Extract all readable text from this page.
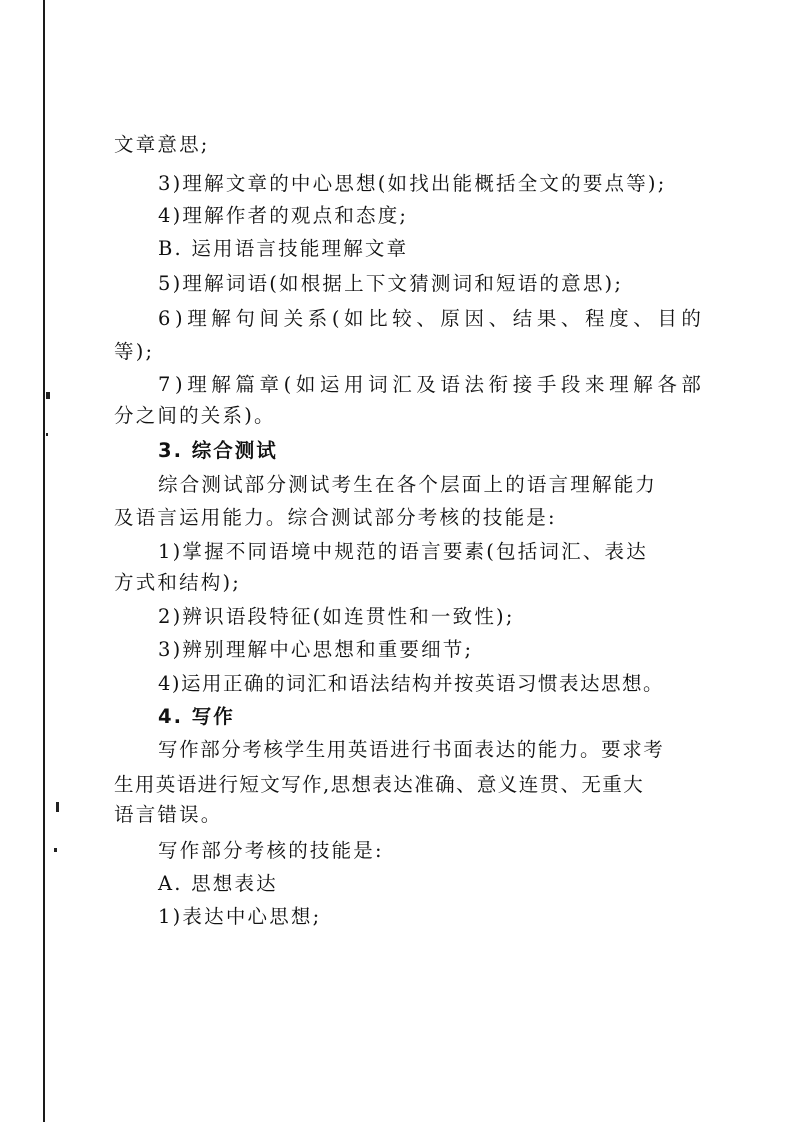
文章意思;
3)理解文章的中心思想(如找出能概括全文的要点等);
4)理解作者的观点和态度;
B. 运用语言技能理解文章
5)理解词语(如根据上下文猜测词和短语的意思);
6)理解句间关系(如比较、原因、结果、程度、目的
等);
7)理解篇章(如运用词汇及语法衔接手段来理解各部
分之间的关系)。
3. 综合测试
综合测试部分测试考生在各个层面上的语言理解能力
及语言运用能力。综合测试部分考核的技能是:
1)掌握不同语境中规范的语言要素(包括词汇、表达
方式和结构);
2)辨识语段特征(如连贯性和一致性);
3)辨别理解中心思想和重要细节;
4)运用正确的词汇和语法结构并按英语习惯表达思想。
4. 写作
写作部分考核学生用英语进行书面表达的能力。要求考
生用英语进行短文写作,思想表达准确、意义连贯、无重大
语言错误。
写作部分考核的技能是:
A. 思想表达
1)表达中心思想;
